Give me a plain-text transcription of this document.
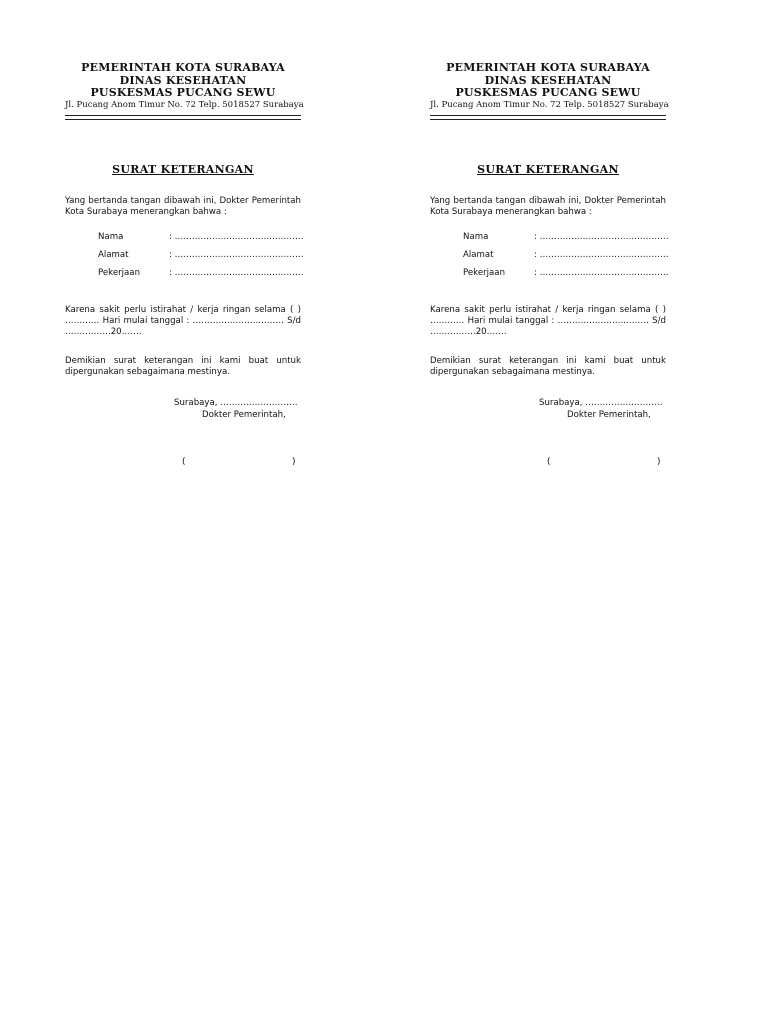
PEMERINTAH KOTA SURABAYA
DINAS KESEHATAN
PUSKESMAS PUCANG SEWU
Jl. Pucang Anom Timur No. 72 Telp. 5018527 Surabaya
SURAT KETERANGAN
Yang bertanda tangan dibawah ini, Dokter Pemerintah Kota Surabaya menerangkan bahwa :
Nama	: ………………………………………
Alamat	: ………………………………………
Pekerjaan	: ………………………………………
Karena sakit perlu istirahat / kerja ringan selama ( ) ………… Hari mulai tanggal : …………………..……… S/d …………….20…….
Demikian surat keterangan ini kami buat untuk dipergunakan sebagaimana mestinya.
Surabaya, ………………………
Dokter Pemerintah,
(	)
PEMERINTAH KOTA SURABAYA
DINAS KESEHATAN
PUSKESMAS PUCANG SEWU
Jl. Pucang Anom Timur No. 72 Telp. 5018527 Surabaya
SURAT KETERANGAN
Yang bertanda tangan dibawah ini, Dokter Pemerintah Kota Surabaya menerangkan bahwa :
Nama	: ………………………………………
Alamat	: ………………………………………
Pekerjaan	: ………………………………………
Karena sakit perlu istirahat / kerja ringan selama ( ) ………… Hari mulai tanggal : …………………..……… S/d …………….20…….
Demikian surat keterangan ini kami buat untuk dipergunakan sebagaimana mestinya.
Surabaya, ………………………
Dokter Pemerintah,
(	)
